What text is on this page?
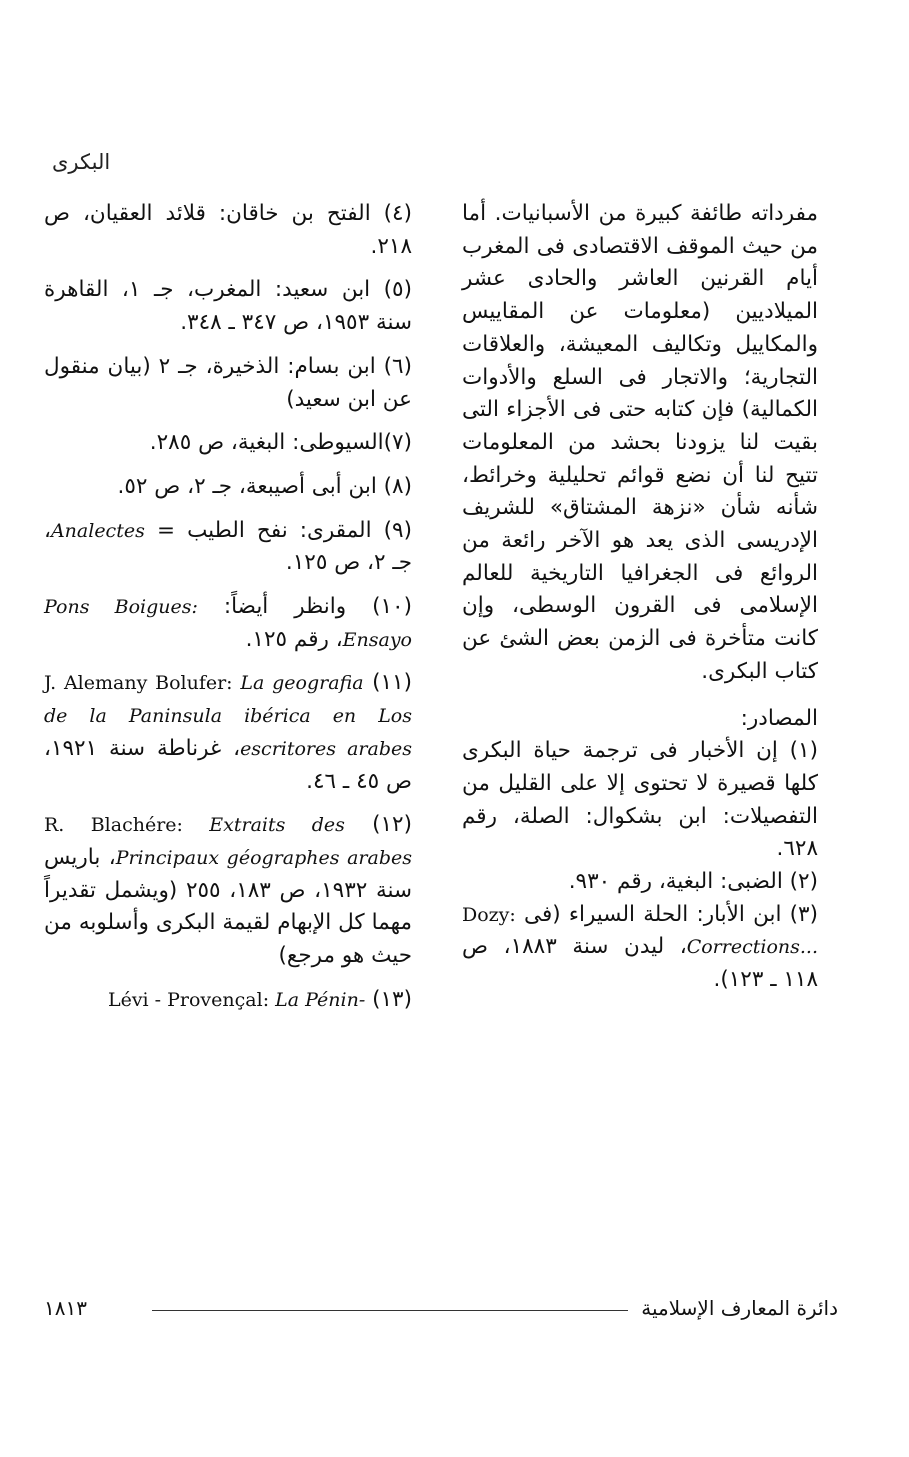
البكرى

مفرداته طائفة كبيرة من الأسبانيات. أما من حيث الموقف الاقتصادى فى المغرب أيام القرنين العاشر والحادى عشر الميلاديين (معلومات عن المقاييس والمكاييل وتكاليف المعيشة، والعلاقات التجارية؛ والاتجار فى السلع والأدوات الكمالية) فإن كتابه حتى فى الأجزاء التى بقيت لنا يزودنا بحشد من المعلومات تتيح لنا أن نضع قوائم تحليلية وخرائط، شأنه شأن «نزهة المشتاق» للشريف الإدريسى الذى يعد هو الآخر رائعة من الروائع فى الجغرافيا التاريخية للعالم الإسلامى فى القرون الوسطى، وإن كانت متأخرة فى الزمن بعض الشئ عن كتاب البكرى.

المصادر:

(١) إن الأخبار فى ترجمة حياة البكرى كلها قصيرة لا تحتوى إلا على القليل من التفصيلات: ابن بشكوال: الصلة، رقم ٦٢٨.

(٢) الضبى: البغية، رقم ٩٣٠.

(٣) ابن الأبار: الحلة السيراء (فى Dozy: Corrections...، ليدن سنة ١٨٨٣، ص ١١٨ ـ ١٢٣).

(٤) الفتح بن خاقان: قلائد العقيان، ص ٢١٨.

(٥) ابن سعيد: المغرب، جـ ١، القاهرة سنة ١٩٥٣، ص ٣٤٧ ـ ٣٤٨.

(٦) ابن بسام: الذخيرة، جـ ٢ (بيان منقول عن ابن سعيد)

(٧)السيوطى: البغية، ص ٢٨٥.

(٨) ابن أبى أصيبعة، جـ ٢، ص ٥٢.

(٩) المقرى: نفح الطيب = Analectes، جـ ٢، ص ١٢٥.

(١٠) وانظر أيضاً: Pons Boigues: Ensayo، رقم ١٢٥.

(١١) J. Alemany Bolufer: La geografia de la Paninsula ibérica en Los escritores arabes، غرناطة سنة ١٩٢١، ص ٤٥ ـ ٤٦.

(١٢) R. Blachére: Extraits des Principaux géographes arabes، باريس سنة ١٩٣٢، ص ١٨٣، ٢٥٥ (ويشمل تقديراً مهما كل الإبهام لقيمة البكرى وأسلوبه من حيث هو مرجع)

(١٣) Lévi - Provençal: La Pénin-

دائرة المعارف الإسلامية
١٨١٣
